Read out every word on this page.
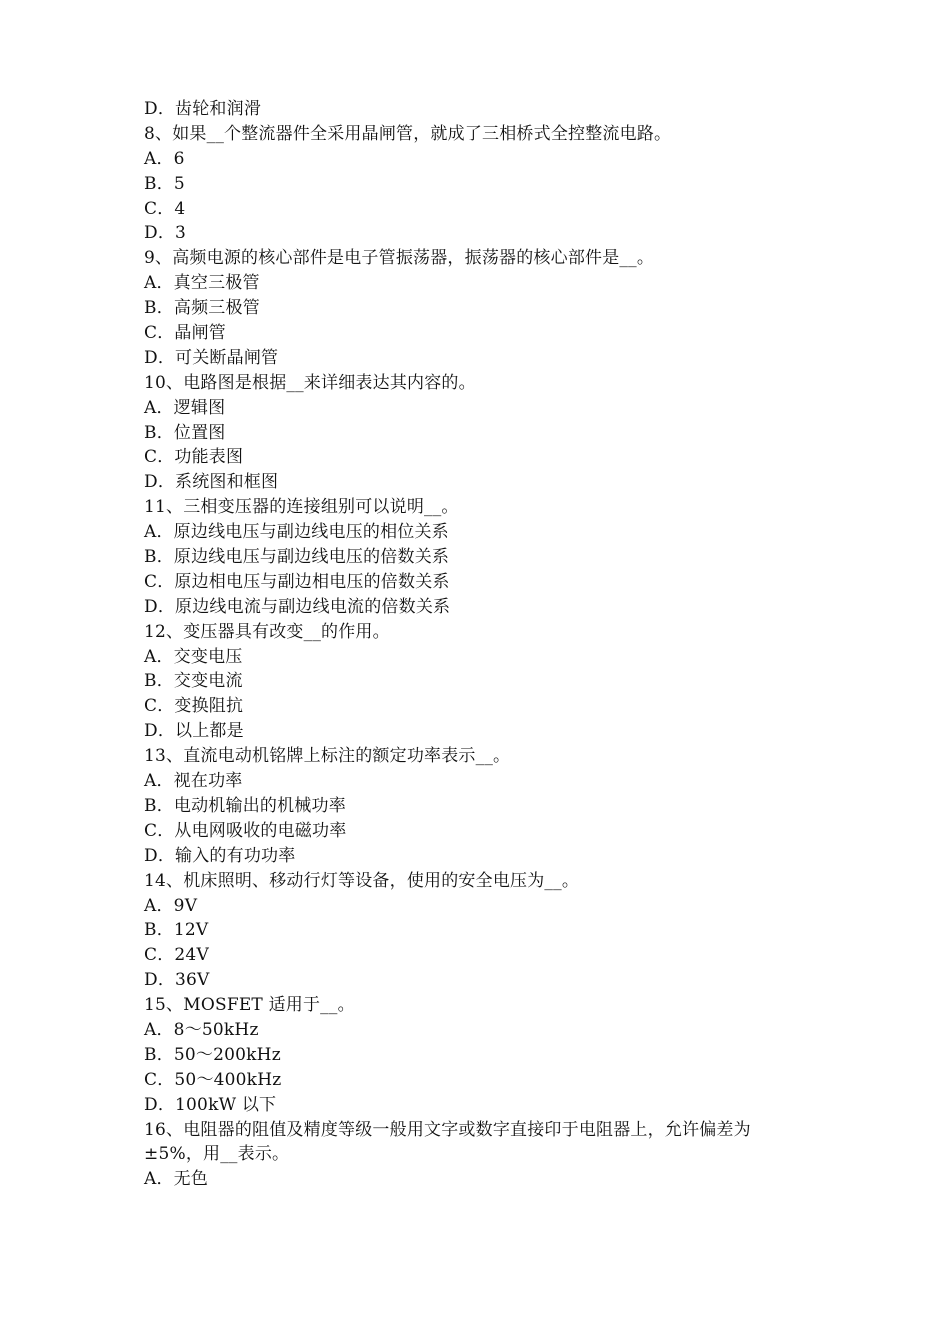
D．齿轮和润滑
8、如果__个整流器件全采用晶闸管，就成了三相桥式全控整流电路。
A．6
B．5
C．4
D．3
9、高频电源的核心部件是电子管振荡器，振荡器的核心部件是__。
A．真空三极管
B．高频三极管
C．晶闸管
D．可关断晶闸管
10、电路图是根据__来详细表达其内容的。
A．逻辑图
B．位置图
C．功能表图
D．系统图和框图
11、三相变压器的连接组别可以说明__。
A．原边线电压与副边线电压的相位关系
B．原边线电压与副边线电压的倍数关系
C．原边相电压与副边相电压的倍数关系
D．原边线电流与副边线电流的倍数关系
12、变压器具有改变__的作用。
A．交变电压
B．交变电流
C．变换阻抗
D．以上都是
13、直流电动机铭牌上标注的额定功率表示__。
A．视在功率
B．电动机输出的机械功率
C．从电网吸收的电磁功率
D．输入的有功功率
14、机床照明、移动行灯等设备，使用的安全电压为__。
A．9V
B．12V
C．24V
D．36V
15、MOSFET 适用于__。
A．8～50kHz
B．50～200kHz
C．50～400kHz
D．100kW 以下
16、电阻器的阻值及精度等级一般用文字或数字直接印于电阻器上，允许偏差为
±5%，用__表示。
A．无色
